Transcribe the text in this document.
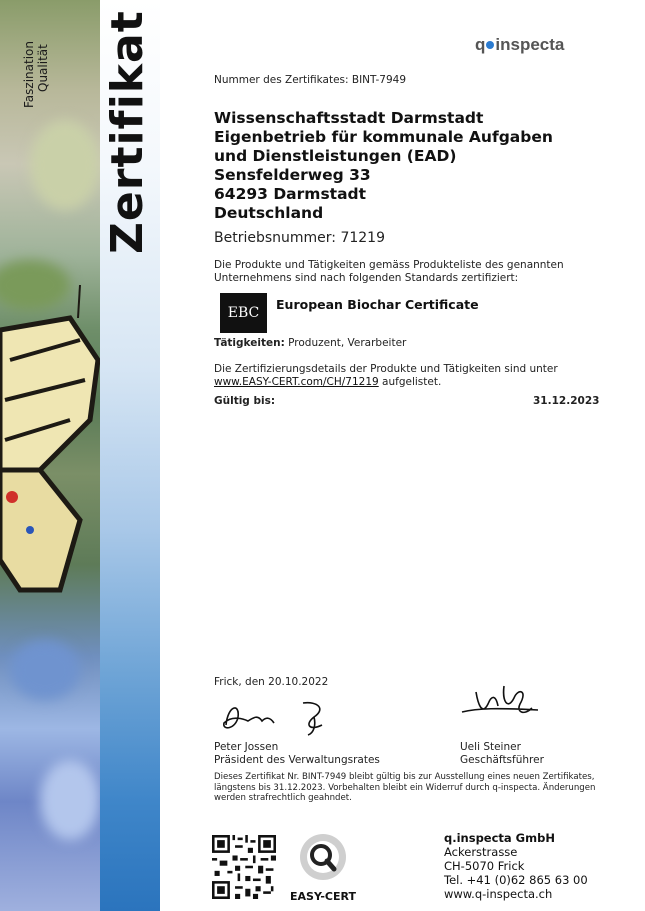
Faszination Qualität Zertifikat	q inspecta
Nummer des Zertifikates: BINT-7949
Wissenschaftsstadt Darmstadt
Eigenbetrieb für kommunale Aufgaben
und Dienstleistungen (EAD)
Sensfelderweg 33
64293 Darmstadt
Deutschland
Betriebsnummer: 71219
Die Produkte und Tätigkeiten gemäss Produkteliste des genannten
Unternehmens sind nach folgenden Standards zertifiziert:
EBC
European Biochar Certificate
Tätigkeiten: Produzent, Verarbeiter
Die Zertifizierungsdetails der Produkte und Tätigkeiten sind unter
www.EASY-CERT.com/CH/71219 aufgelistet.
Gültig bis:	31.12.2023
Frick, den 20.10.2022
Peter Jossen
Präsident des Verwaltungsrates
Ueli Steiner
Geschäftsführer
Dieses Zertifikat Nr. BINT-7949 bleibt gültig bis zur Ausstellung eines neuen Zertifikates,
längstens bis 31.12.2023. Vorbehalten bleibt ein Widerruf durch q-inspecta. Änderungen
werden strafrechtlich geahndet.
EASY-CERT
q.inspecta GmbH
Ackerstrasse
CH-5070 Frick
Tel. +41 (0)62 865 63 00
www.q-inspecta.ch
